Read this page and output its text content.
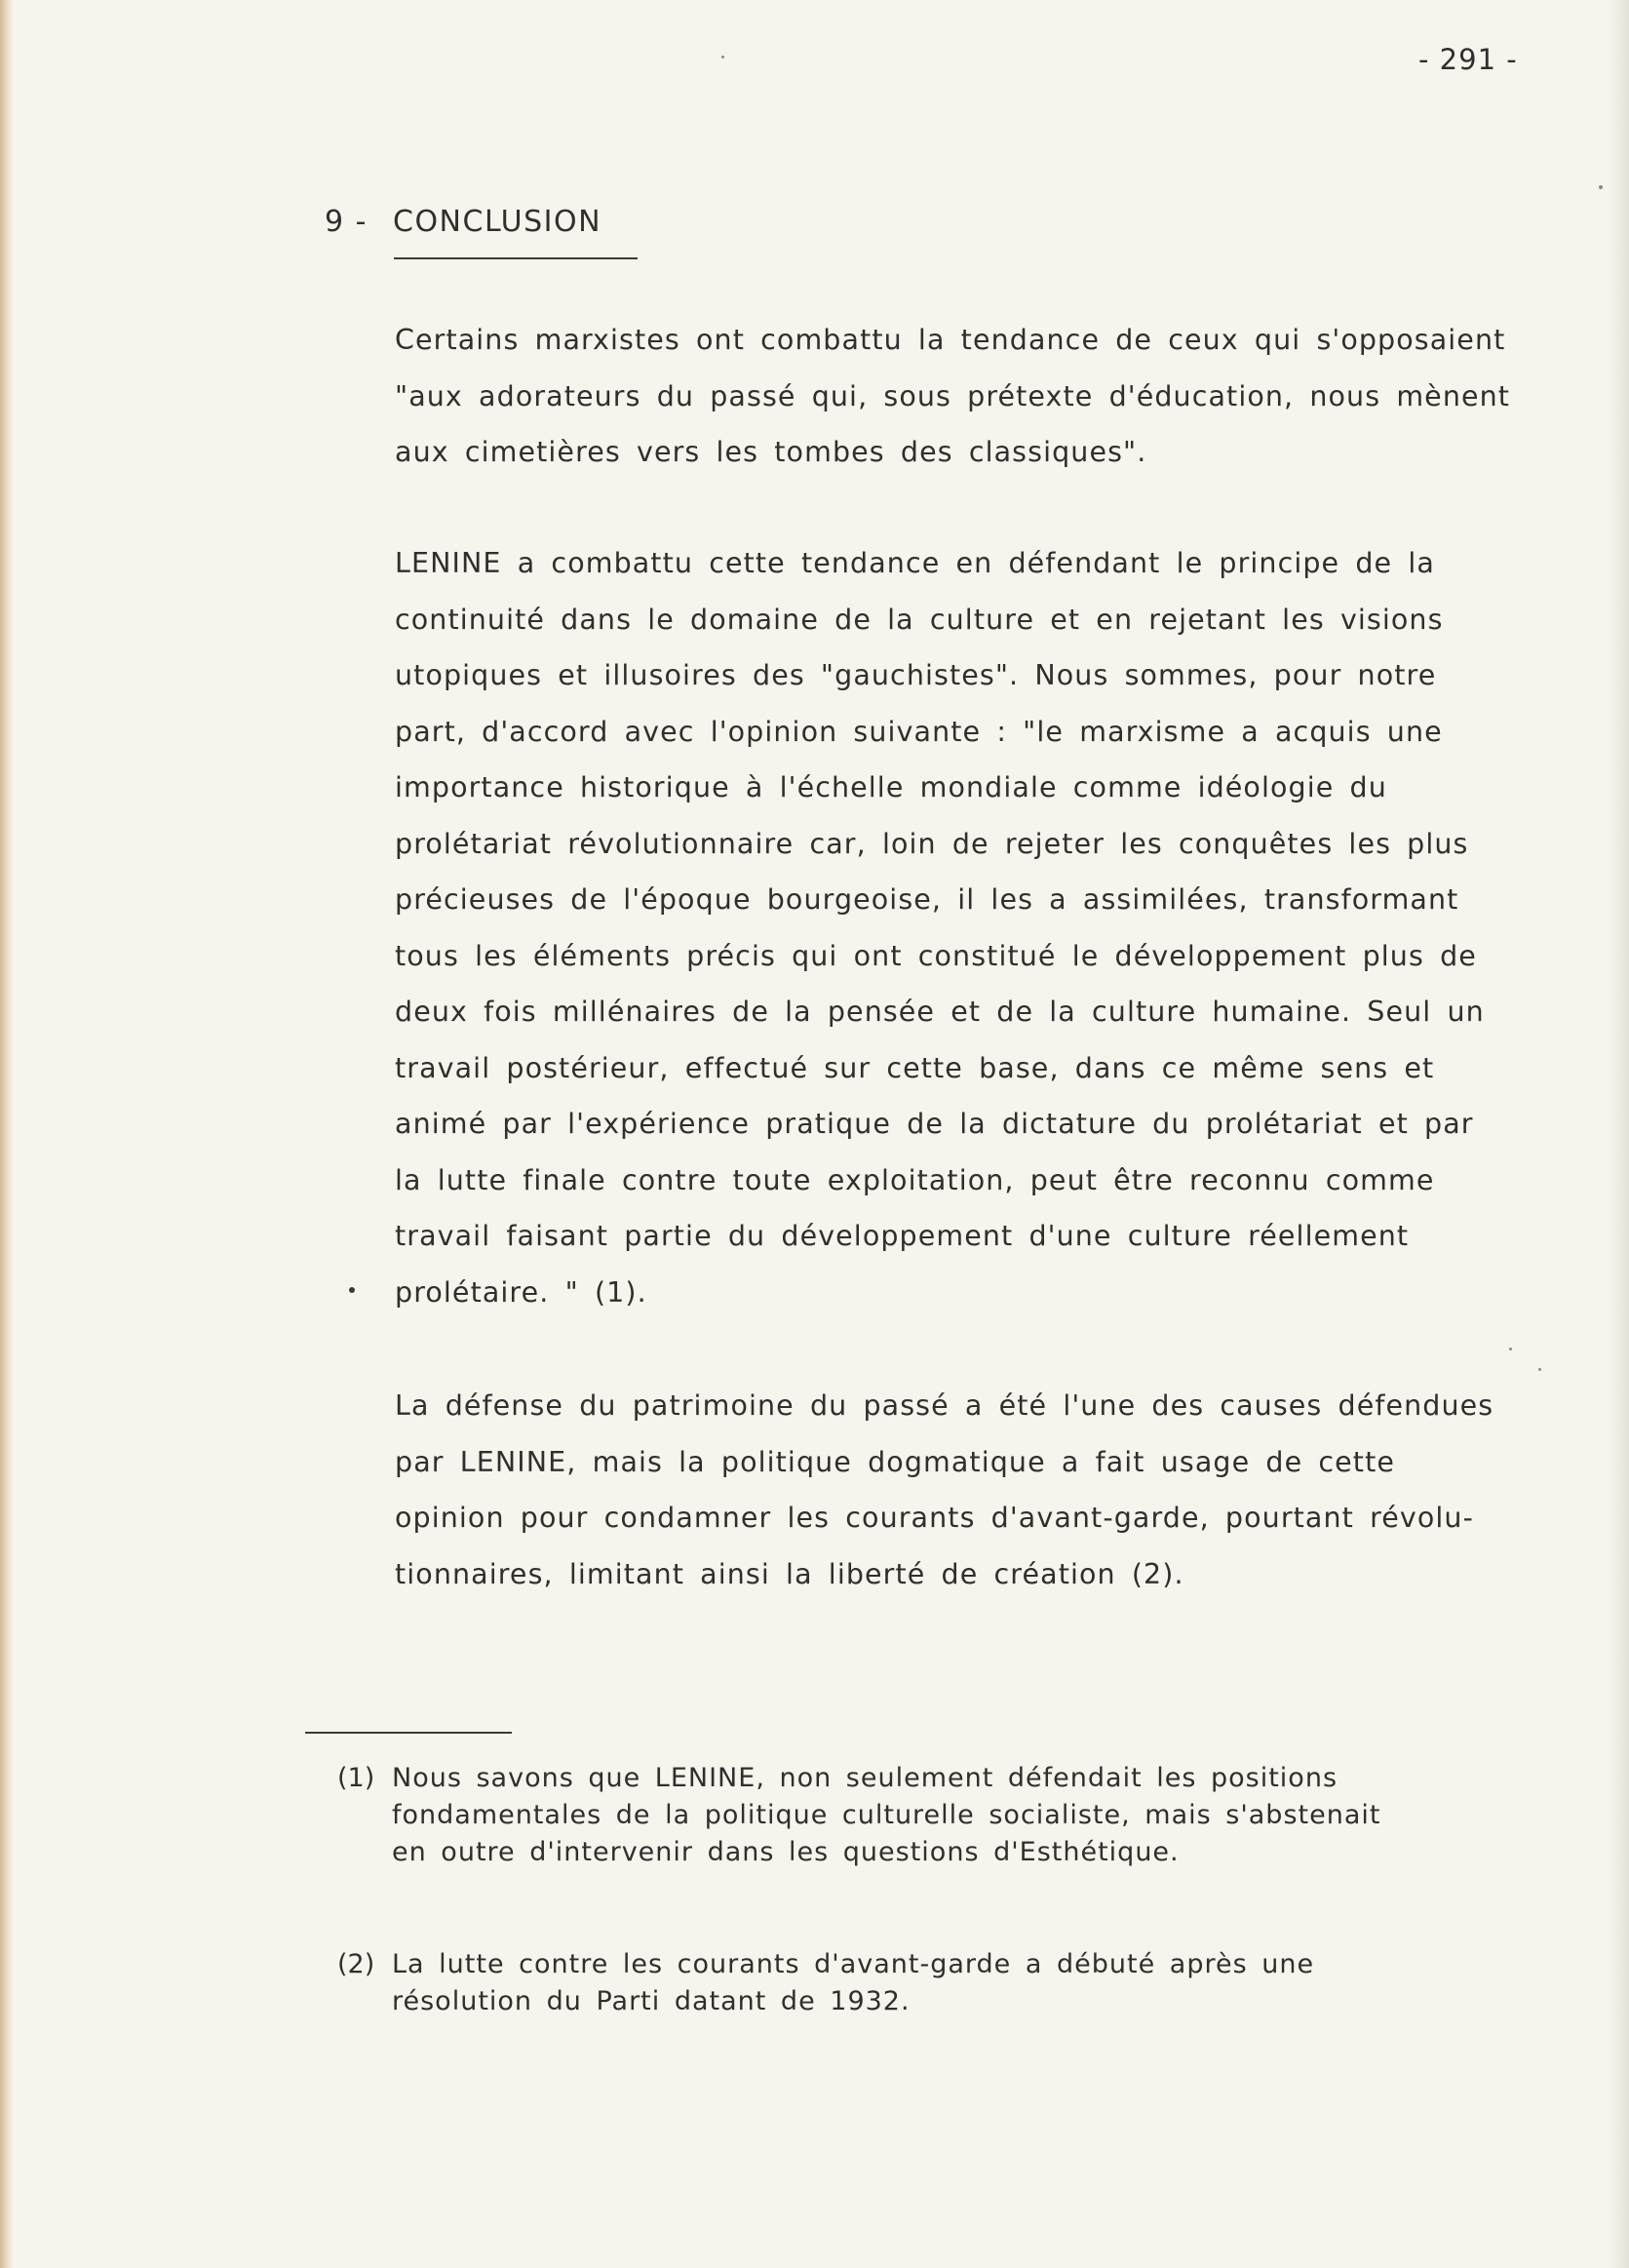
- 291 -
9 - CONCLUSION
Certains marxistes ont combattu la tendance de ceux qui s'opposaient
"aux adorateurs du passé qui, sous prétexte d'éducation, nous mènent
aux cimetières vers les tombes des classiques".
LENINE a combattu cette tendance en défendant le principe de la
continuité dans le domaine de la culture et en rejetant les visions
utopiques et illusoires des "gauchistes". Nous sommes, pour notre
part, d'accord avec l'opinion suivante : "le marxisme a acquis une
importance historique à l'échelle mondiale comme idéologie du
prolétariat révolutionnaire car, loin de rejeter les conquêtes les plus
précieuses de l'époque bourgeoise, il les a assimilées, transformant
tous les éléments précis qui ont constitué le développement plus de
deux fois millénaires de la pensée et de la culture humaine. Seul un
travail postérieur, effectué sur cette base, dans ce même sens et
animé par l'expérience pratique de la dictature du prolétariat et par
la lutte finale contre toute exploitation, peut être reconnu comme
travail faisant partie du développement d'une culture réellement
prolétaire. " (1).
La défense du patrimoine du passé a été l'une des causes défendues
par LENINE, mais la politique dogmatique a fait usage de cette
opinion pour condamner les courants d'avant-garde, pourtant révolu-
tionnaires, limitant ainsi la liberté de création (2).
(1) Nous savons que LENINE, non seulement défendait les positions
fondamentales de la politique culturelle socialiste, mais s'abstenait
en outre d'intervenir dans les questions d'Esthétique.
(2) La lutte contre les courants d'avant-garde a débuté après une
résolution du Parti datant de 1932.
